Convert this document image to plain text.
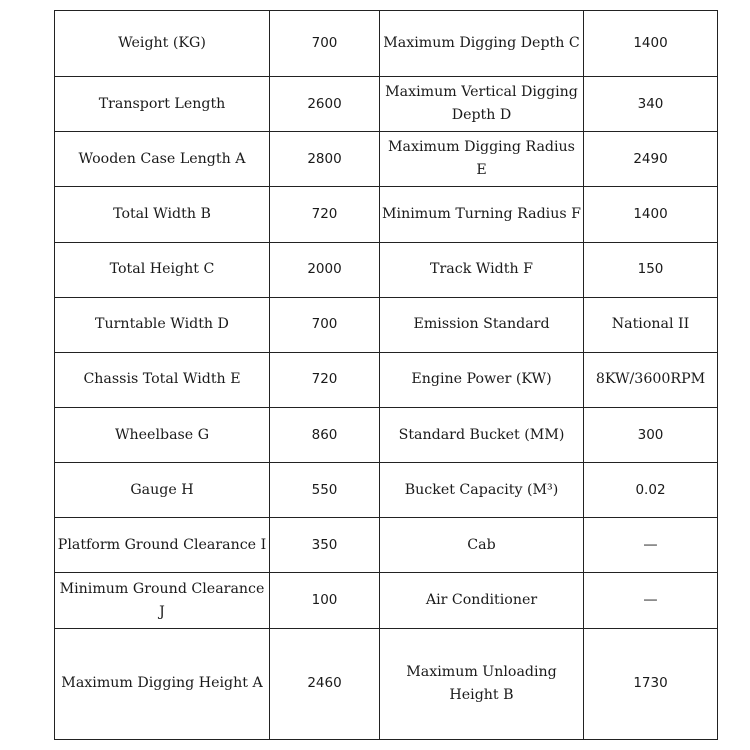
Weight (KG)	700	Maximum Digging Depth C	1400
Transport Length	2600	Maximum Vertical Digging Depth D	340
Wooden Case Length A	2800	Maximum Digging Radius E	2490
Total Width B	720	Minimum Turning Radius F	1400
Total Height C	2000	Track Width F	150
Turntable Width D	700	Emission Standard	National II
Chassis Total Width E	720	Engine Power (KW)	8KW/3600RPM
Wheelbase G	860	Standard Bucket (MM)	300
Gauge H	550	Bucket Capacity (M³)	0.02
Platform Ground Clearance I	350	Cab	—
Minimum Ground Clearance J	100	Air Conditioner	—
Maximum Digging Height A	2460	Maximum Unloading Height B	1730
